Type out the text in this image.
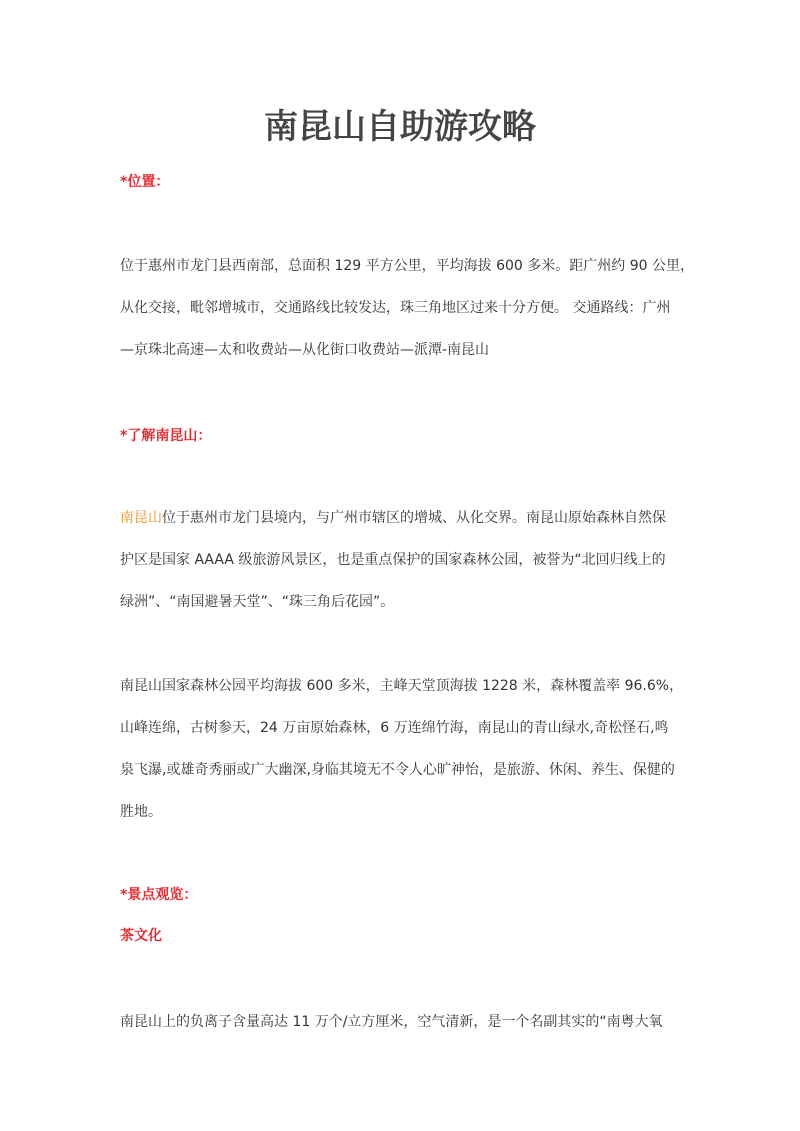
南昆山自助游攻略
*位置：
位于惠州市龙门县西南部，总面积 129 平方公里，平均海拔 600 多米。距广州约 90 公里，
从化交接，毗邻增城市，交通路线比较发达，珠三角地区过来十分方便。 交通路线：广州
—京珠北高速—太和收费站—从化街口收费站—派潭-南昆山
*了解南昆山：
南昆山位于惠州市龙门县境内，与广州市辖区的增城、从化交界。南昆山原始森林自然保
护区是国家 AAAA 级旅游风景区，也是重点保护的国家森林公园，被誉为“北回归线上的
绿洲”、“南国避暑天堂”、“珠三角后花园”。
南昆山国家森林公园平均海拔 600 多米，主峰天堂顶海拔 1228 米，森林覆盖率 96.6%，
山峰连绵，古树参天，24 万亩原始森林，6 万连绵竹海，南昆山的青山绿水,奇松怪石,鸣
泉飞瀑,或雄奇秀丽或广大幽深,身临其境无不令人心旷神怡，是旅游、休闲、养生、保健的
胜地。
*景点观览：
茶文化
南昆山上的负离子含量高达 11 万个/立方厘米，空气清新，是一个名副其实的“南粤大氧
